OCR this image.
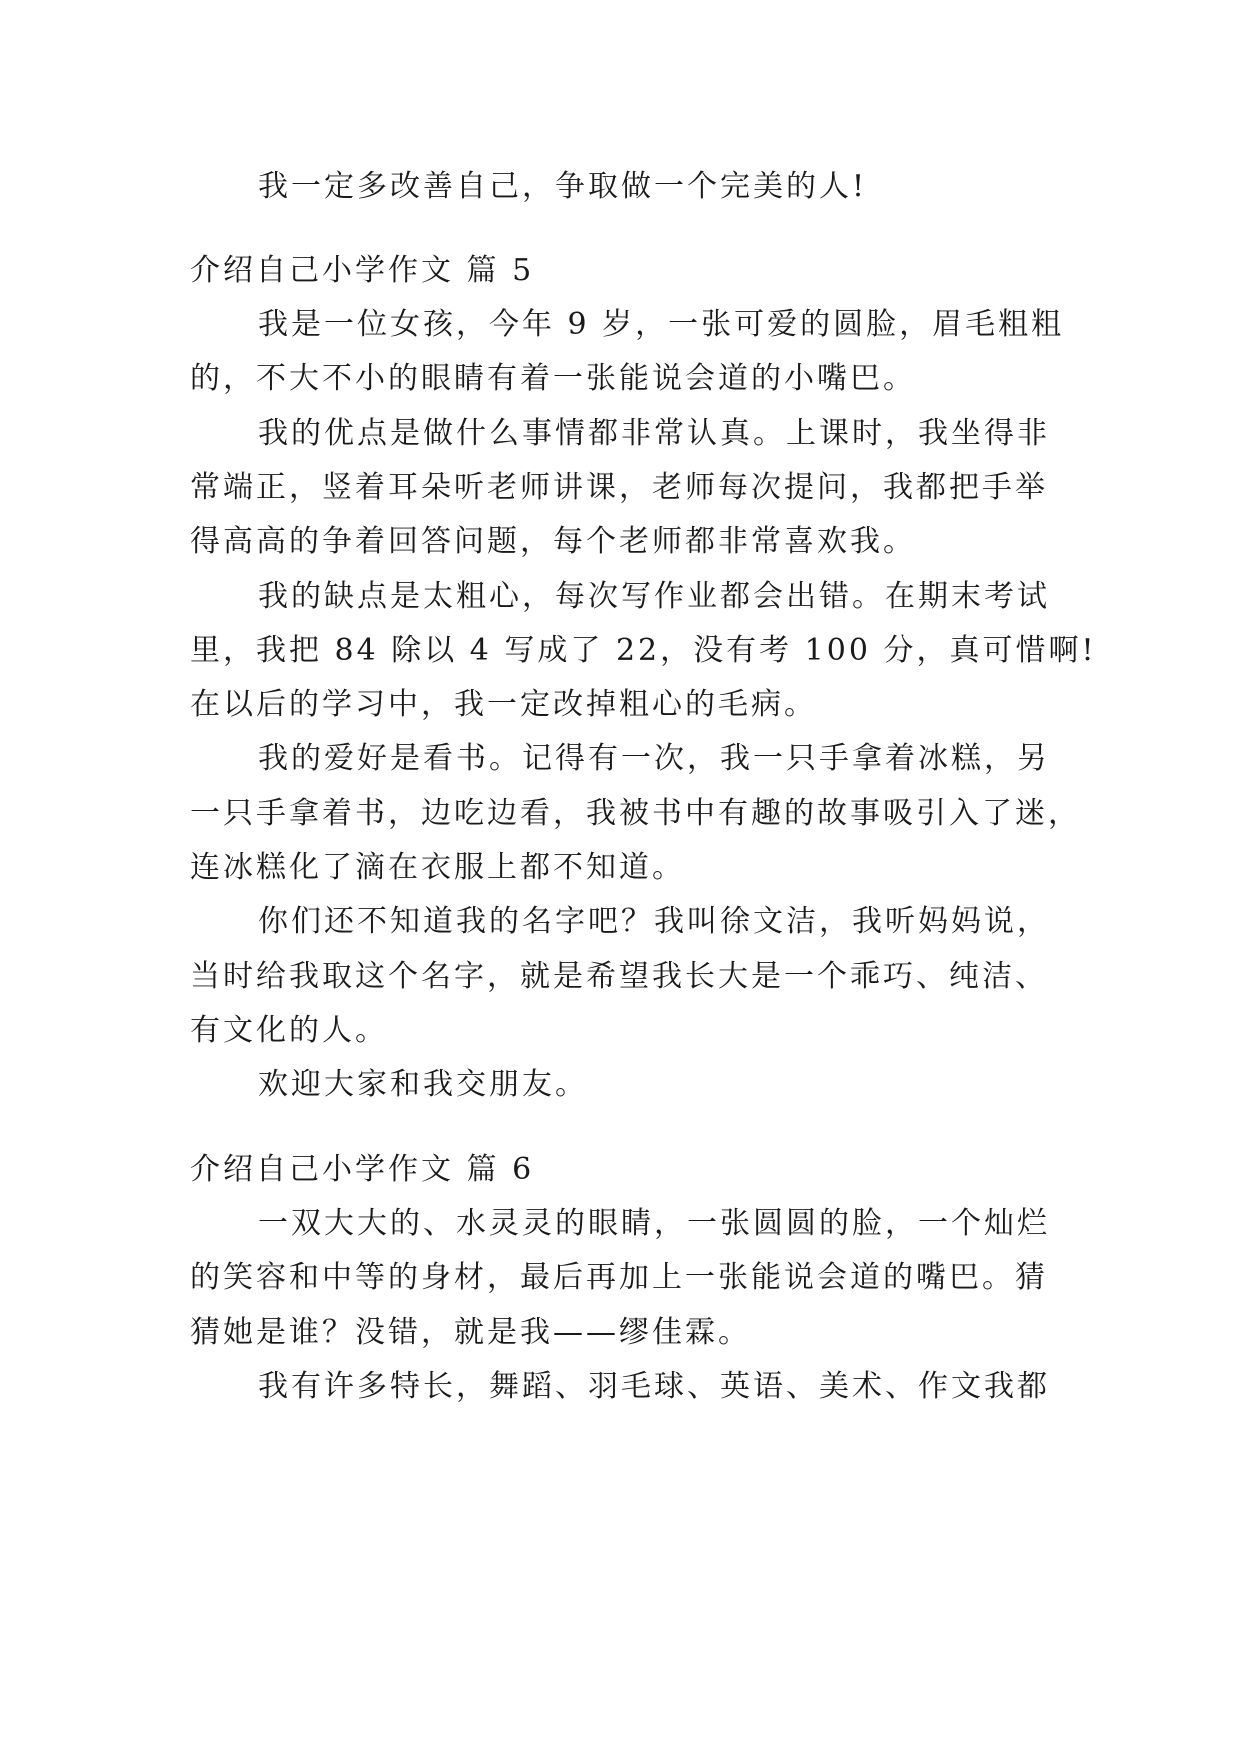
我一定多改善自己，争取做一个完美的人!
介绍自己小学作文 篇 5
我是一位女孩，今年 9 岁，一张可爱的圆脸，眉毛粗粗
的，不大不小的眼睛有着一张能说会道的小嘴巴。
我的优点是做什么事情都非常认真。上课时，我坐得非
常端正，竖着耳朵听老师讲课，老师每次提问，我都把手举
得高高的争着回答问题，每个老师都非常喜欢我。
我的缺点是太粗心，每次写作业都会出错。在期末考试
里，我把 84 除以 4 写成了 22，没有考 100 分，真可惜啊!
在以后的学习中，我一定改掉粗心的毛病。
我的爱好是看书。记得有一次，我一只手拿着冰糕，另
一只手拿着书，边吃边看，我被书中有趣的故事吸引入了迷，
连冰糕化了滴在衣服上都不知道。
你们还不知道我的名字吧？我叫徐文洁，我听妈妈说，
当时给我取这个名字，就是希望我长大是一个乖巧、纯洁、
有文化的人。
欢迎大家和我交朋友。
介绍自己小学作文 篇 6
一双大大的、水灵灵的眼睛，一张圆圆的脸，一个灿烂
的笑容和中等的身材，最后再加上一张能说会道的嘴巴。猜
猜她是谁？没错，就是我——缪佳霖。
我有许多特长，舞蹈、羽毛球、英语、美术、作文我都
